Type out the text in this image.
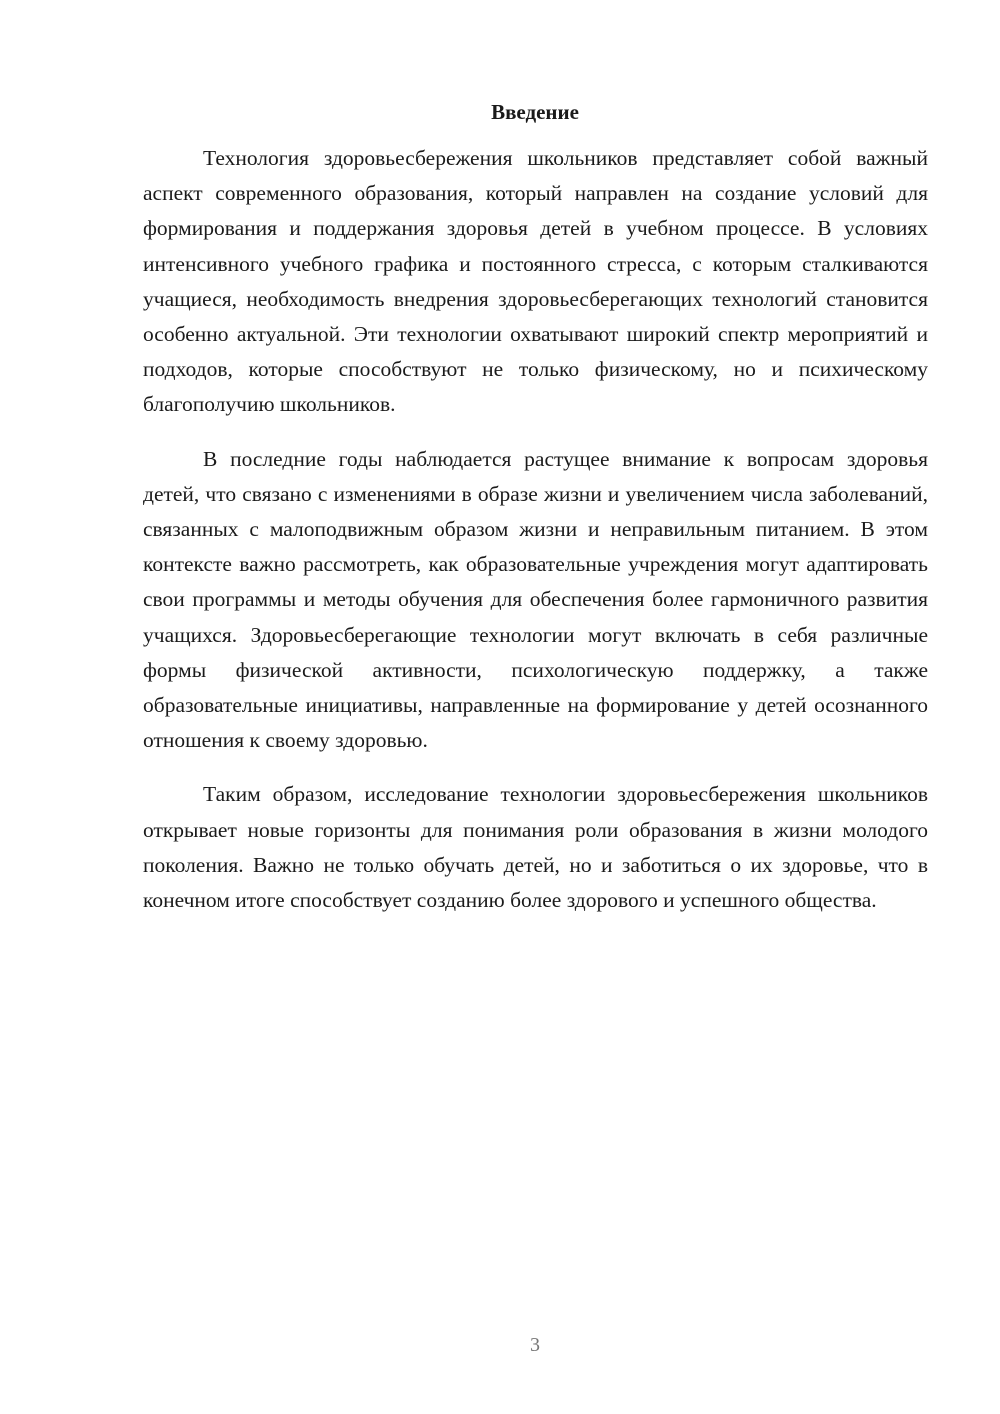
Введение

Технология здоровьесбережения школьников представляет собой важный аспект современного образования, который направлен на создание условий для формирования и поддержания здоровья детей в учебном процессе. В условиях интенсивного учебного графика и постоянного стресса, с которым сталкиваются учащиеся, необходимость внедрения здоровьесберегающих технологий становится особенно актуальной. Эти технологии охватывают широкий спектр мероприятий и подходов, которые способствуют не только физическому, но и психическому благополучию школьников.

В последние годы наблюдается растущее внимание к вопросам здоровья детей, что связано с изменениями в образе жизни и увеличением числа заболеваний, связанных с малоподвижным образом жизни и неправильным питанием. В этом контексте важно рассмотреть, как образовательные учреждения могут адаптировать свои программы и методы обучения для обеспечения более гармоничного развития учащихся. Здоровьесберегающие технологии могут включать в себя различные формы физической активности, психологическую поддержку, а также образовательные инициативы, направленные на формирование у детей осознанного отношения к своему здоровью.

Таким образом, исследование технологии здоровьесбережения школьников открывает новые горизонты для понимания роли образования в жизни молодого поколения. Важно не только обучать детей, но и заботиться о их здоровье, что в конечном итоге способствует созданию более здорового и успешного общества.

3
